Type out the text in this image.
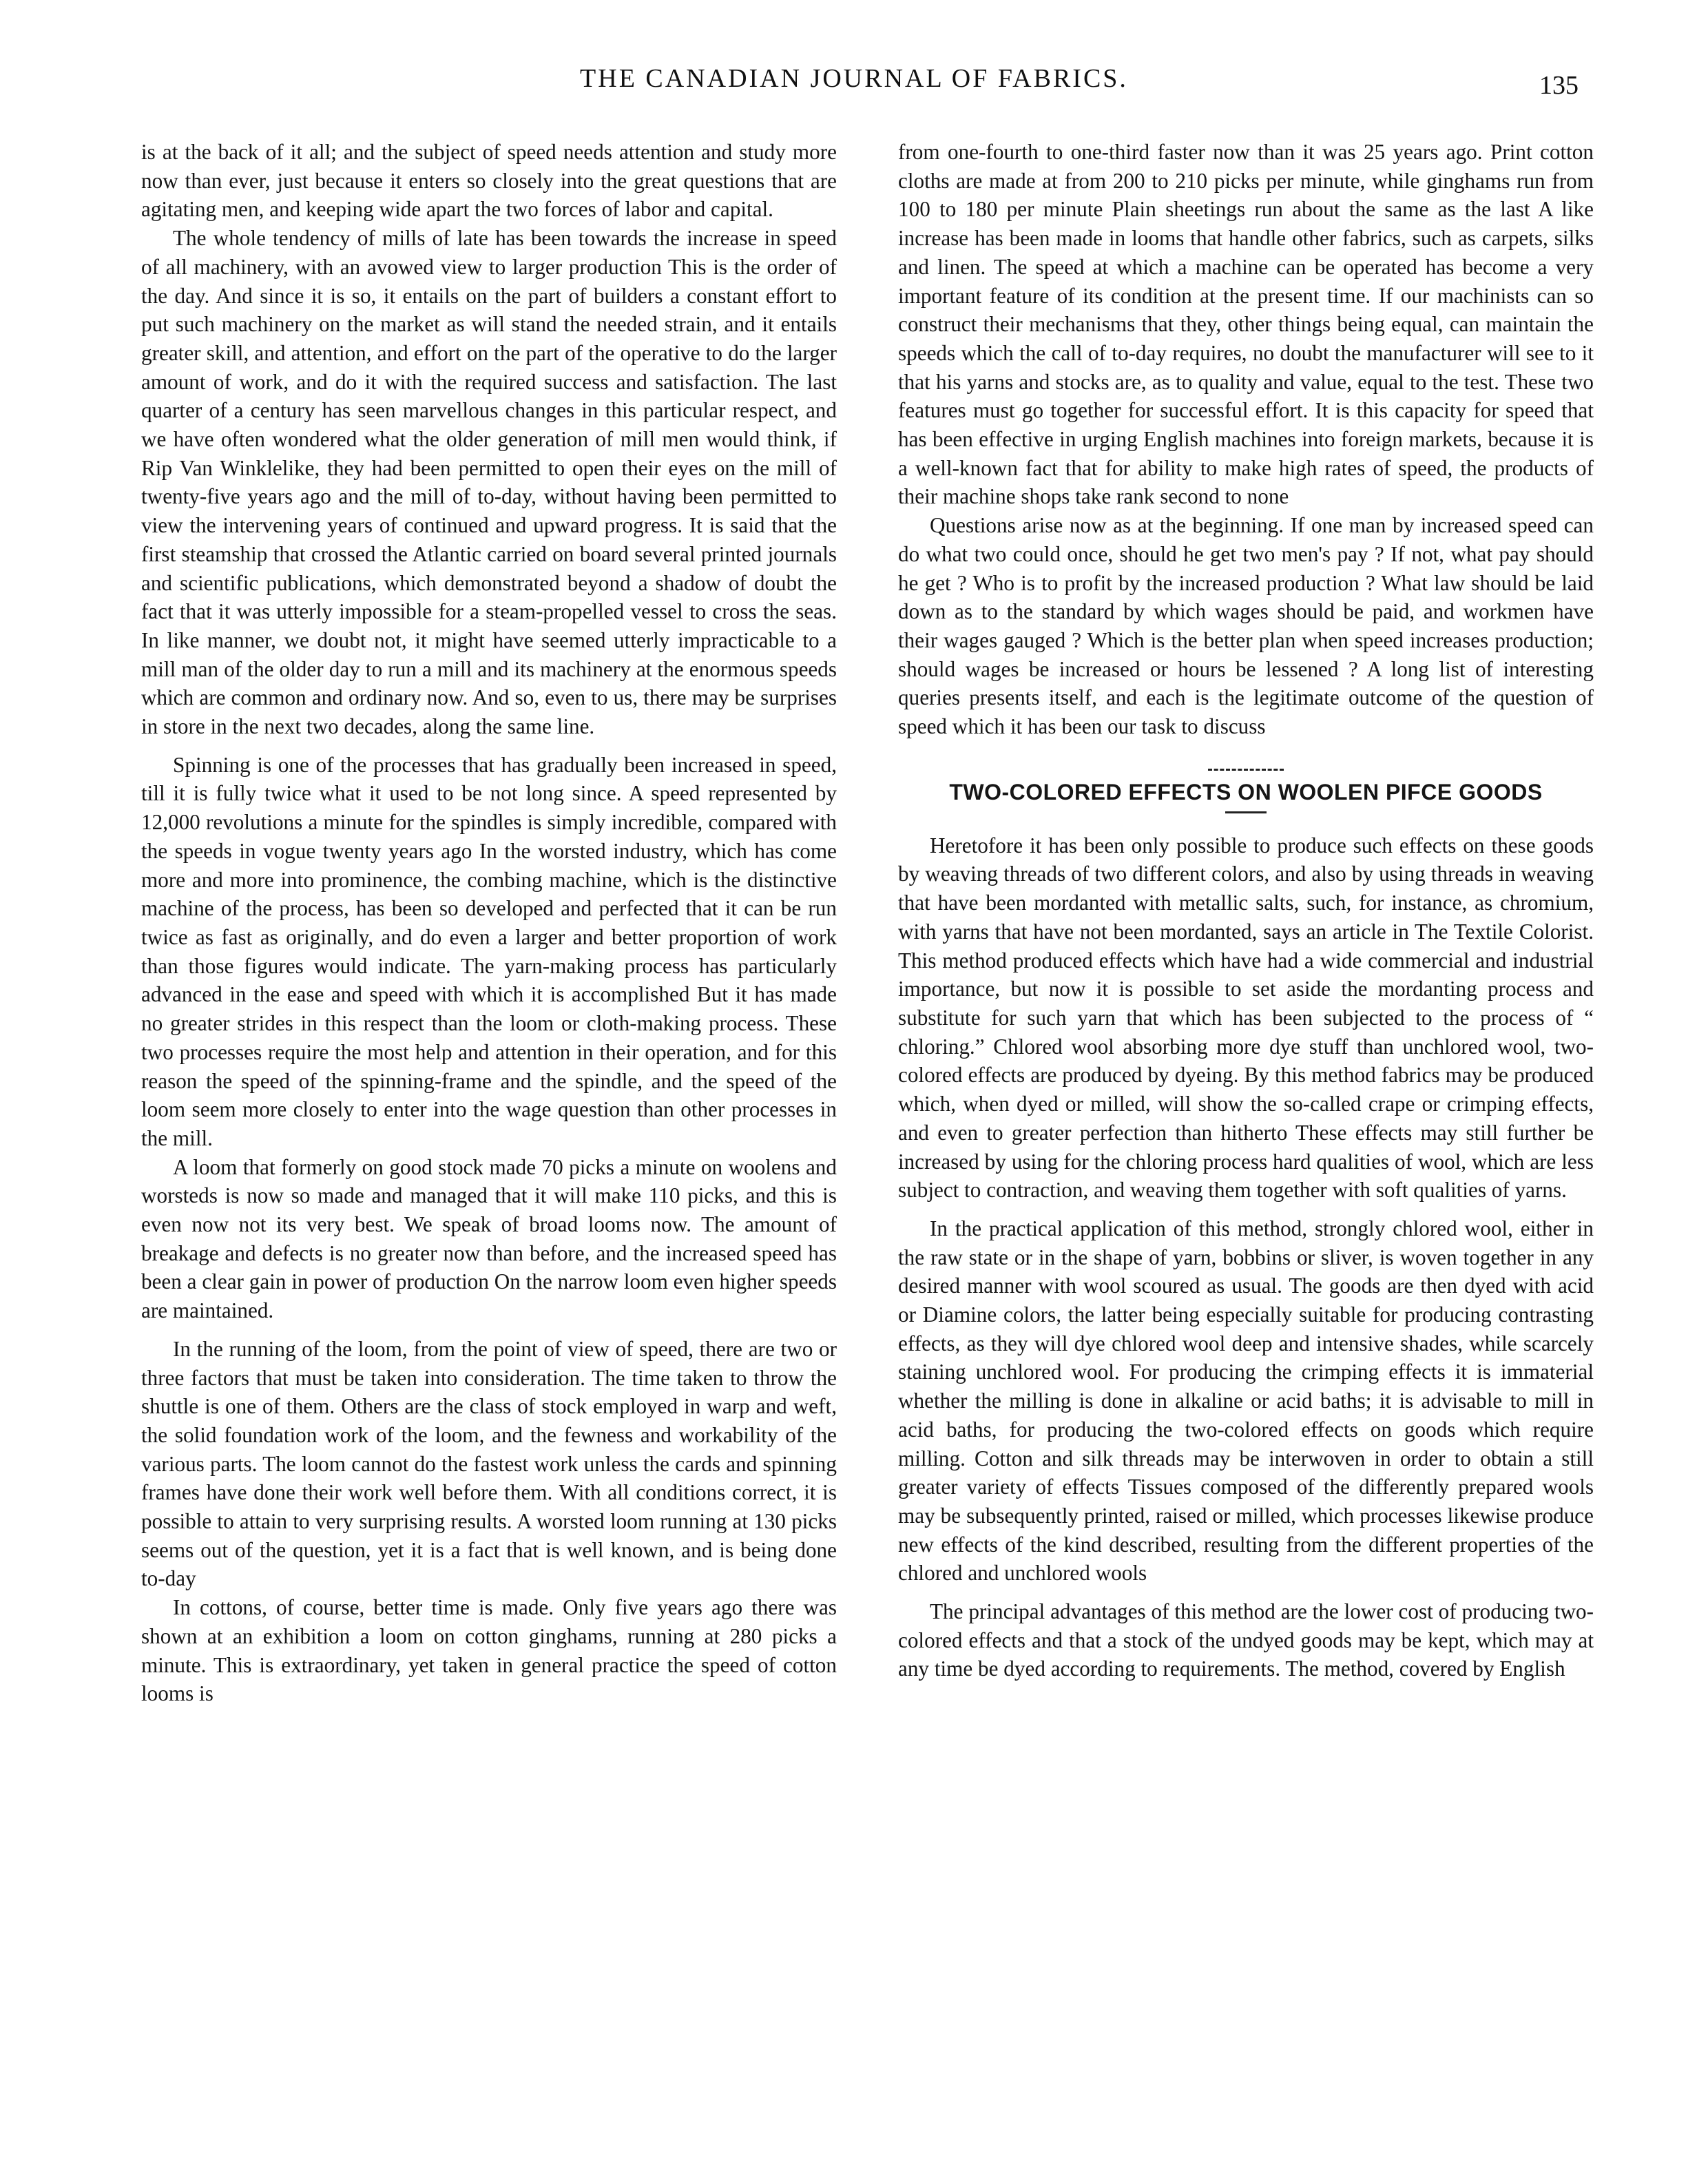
THE CANADIAN JOURNAL OF FABRICS.	135

is at the back of it all; and the subject of speed needs attention and study more now than ever, just because it enters so closely into the great questions that are agitating men, and keeping wide apart the two forces of labor and capital.

The whole tendency of mills of late has been towards the increase in speed of all machinery, with an avowed view to larger production This is the order of the day. And since it is so, it entails on the part of builders a constant effort to put such machinery on the market as will stand the needed strain, and it entails greater skill, and attention, and effort on the part of the operative to do the larger amount of work, and do it with the required success and satisfaction. The last quarter of a century has seen marvellous changes in this particular respect, and we have often wondered what the older generation of mill men would think, if Rip Van Winklelike, they had been permitted to open their eyes on the mill of twenty-five years ago and the mill of to-day, without having been permitted to view the intervening years of continued and upward progress. It is said that the first steamship that crossed the Atlantic carried on board several printed journals and scientific publications, which demonstrated beyond a shadow of doubt the fact that it was utterly impossible for a steam-propelled vessel to cross the seas. In like manner, we doubt not, it might have seemed utterly impracticable to a mill man of the older day to run a mill and its machinery at the enormous speeds which are common and ordinary now. And so, even to us, there may be surprises in store in the next two decades, along the same line.

Spinning is one of the processes that has gradually been increased in speed, till it is fully twice what it used to be not long since. A speed represented by 12,000 revolutions a minute for the spindles is simply incredible, compared with the speeds in vogue twenty years ago In the worsted industry, which has come more and more into prominence, the combing machine, which is the distinctive machine of the process, has been so developed and perfected that it can be run twice as fast as originally, and do even a larger and better proportion of work than those figures would indicate. The yarn-making process has particularly advanced in the ease and speed with which it is accomplished But it has made no greater strides in this respect than the loom or cloth-making process. These two processes require the most help and attention in their operation, and for this reason the speed of the spinning-frame and the spindle, and the speed of the loom seem more closely to enter into the wage question than other processes in the mill.

A loom that formerly on good stock made 70 picks a minute on woolens and worsteds is now so made and managed that it will make 110 picks, and this is even now not its very best. We speak of broad looms now. The amount of breakage and defects is no greater now than before, and the increased speed has been a clear gain in power of production On the narrow loom even higher speeds are maintained.

In the running of the loom, from the point of view of speed, there are two or three factors that must be taken into consideration. The time taken to throw the shuttle is one of them. Others are the class of stock employed in warp and weft, the solid foundation work of the loom, and the fewness and workability of the various parts. The loom cannot do the fastest work unless the cards and spinning frames have done their work well before them. With all conditions correct, it is possible to attain to very surprising results. A worsted loom running at 130 picks seems out of the question, yet it is a fact that is well known, and is being done to-day

In cottons, of course, better time is made. Only five years ago there was shown at an exhibition a loom on cotton ginghams, running at 280 picks a minute. This is extraordinary, yet taken in general practice the speed of cotton looms is

from one-fourth to one-third faster now than it was 25 years ago. Print cotton cloths are made at from 200 to 210 picks per minute, while ginghams run from 100 to 180 per minute Plain sheetings run about the same as the last A like increase has been made in looms that handle other fabrics, such as carpets, silks and linen. The speed at which a machine can be operated has become a very important feature of its condition at the present time. If our machinists can so construct their mechanisms that they, other things being equal, can maintain the speeds which the call of to-day requires, no doubt the manufacturer will see to it that his yarns and stocks are, as to quality and value, equal to the test. These two features must go together for successful effort. It is this capacity for speed that has been effective in urging English machines into foreign markets, because it is a well-known fact that for ability to make high rates of speed, the products of their machine shops take rank second to none

Questions arise now as at the beginning. If one man by increased speed can do what two could once, should he get two men's pay ? If not, what pay should he get ? Who is to profit by the increased production ? What law should be laid down as to the standard by which wages should be paid, and workmen have their wages gauged ? Which is the better plan when speed increases production; should wages be increased or hours be lessened ? A long list of interesting queries presents itself, and each is the legitimate outcome of the question of speed which it has been our task to discuss

TWO-COLORED EFFECTS ON WOOLEN PIFCE GOODS

Heretofore it has been only possible to produce such effects on these goods by weaving threads of two different colors, and also by using threads in weaving that have been mordanted with metallic salts, such, for instance, as chromium, with yarns that have not been mordanted, says an article in The Textile Colorist. This method produced effects which have had a wide commercial and industrial importance, but now it is possible to set aside the mordanting process and substitute for such yarn that which has been subjected to the process of “ chloring.” Chlored wool absorbing more dye stuff than unchlored wool, two-colored effects are produced by dyeing. By this method fabrics may be produced which, when dyed or milled, will show the so-called crape or crimping effects, and even to greater perfection than hitherto These effects may still further be increased by using for the chloring process hard qualities of wool, which are less subject to contraction, and weaving them together with soft qualities of yarns.

In the practical application of this method, strongly chlored wool, either in the raw state or in the shape of yarn, bobbins or sliver, is woven together in any desired manner with wool scoured as usual. The goods are then dyed with acid or Diamine colors, the latter being especially suitable for producing contrasting effects, as they will dye chlored wool deep and intensive shades, while scarcely staining unchlored wool. For producing the crimping effects it is immaterial whether the milling is done in alkaline or acid baths; it is advisable to mill in acid baths, for producing the two-colored effects on goods which require milling. Cotton and silk threads may be interwoven in order to obtain a still greater variety of effects Tissues composed of the differently prepared wools may be subsequently printed, raised or milled, which processes likewise produce new effects of the kind described, resulting from the different properties of the chlored and unchlored wools

The principal advantages of this method are the lower cost of producing two-colored effects and that a stock of the undyed goods may be kept, which may at any time be dyed according to requirements. The method, covered by English
